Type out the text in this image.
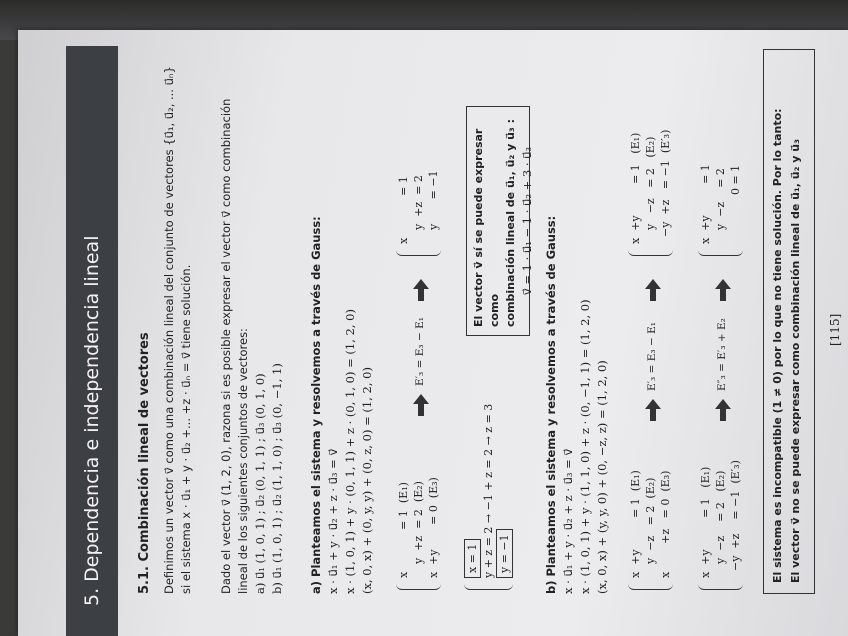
5. Dependencia e independencia lineal	5.1. Combinación lineal de vectores Definimos un vector v⃗ como una combinación lineal del conjunto de vectores {u⃗₁, u⃗₂, ... u⃗ₙ} si el sistema x · u⃗₁ + y · u⃗₂ +... +z · u⃗ₙ = v⃗ tiene solución. Dado el vector v⃗ (1, 2, 0), razona si es posible expresar el vector v⃗ como combinación lineal de los siguientes conjuntos de vectores: a) u⃗₁ (1, 0, 1) ; u⃗₂ (0, 1, 1) ; u⃗₃ (0, 1, 0) b) u⃗₁ (1, 0, 1) ; u⃗₂ (1, 1, 0) ; u⃗₃ (0, −1, 1) a) Planteamos el sistema y resolvemos a través de Gauss: x · u⃗₁ + y · u⃗₂ + z · u⃗₃ = v⃗ x · (1, 0, 1) + y · (0, 1, 1) + z · (0, 1, 0) = (1, 2, 0) (x, 0, x) + (0, y, y) + (0, z, 0) = (1, 2, 0) x            = 1  (E₁)
y  +z  = 2  (E₂)
x  +y       = 0  (E₃)
E′₃ = E₃ − E₁
x            = 1
y  +z  = 2
y       = −1
x = 1 y + z = 2 → −1 + z = 2 → z = 3 y = −1
El vector v⃗ sí se puede expresar como combinación lineal de u⃗₁, u⃗₂ y u⃗₃ : v⃗ = 1 · u⃗₁ − 1 · u⃗₂ + 3 · u⃗₃ b) Planteamos el sistema y resolvemos a través de Gauss: x · u⃗₁ + y · u⃗₂ + z · u⃗₃ = v⃗ x · (1, 0, 1) + y · (1, 1, 0) + z · (0, −1, 1) = (1, 2, 0) (x, 0, x) + (y, y, 0) + (0, −z, z) = (1, 2, 0) x  +y         = 1  (E₁)
y  −z   = 2  (E₂)
x        +z   = 0  (E₃)
E′₃ = E₃ − E₁
x  +y         = 1   (E₁)
y   −z   = 2   (E₂)
−y  +z   = −1  (E′₃)
x  +y         = 1   (E₁)
y  −z    = 2   (E₂)
−y  +z    = −1  (E′₃)
E″₃ = E′₃ + E₂
x  +y         = 1
y  −z    = 2
0 = 1	El sistema es incompatible (1 ≠ 0) por lo que no tiene solución. Por lo tanto: El vector v⃗ no se puede expresar como combinación lineal de u⃗₁, u⃗₂ y u⃗₃ [115]
